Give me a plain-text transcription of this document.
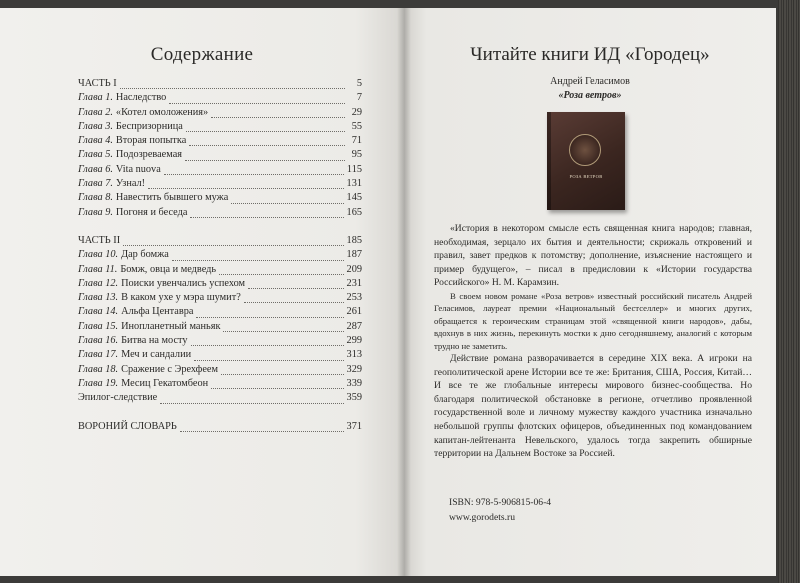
Содержание
ЧАСТЬ I	5
Глава 1. Наследство	7
Глава 2. «Котел омоложения»	29
Глава 3. Беспризорница	55
Глава 4. Вторая попытка	71
Глава 5. Подозреваемая	95
Глава 6. Vita nuova	115
Глава 7. Узнал!	131
Глава 8. Навестить бывшего мужа	145
Глава 9. Погоня и беседа	165
ЧАСТЬ II	185
Глава 10. Дар бомжа	187
Глава 11. Бомж, овца и медведь	209
Глава 12. Поиски увенчались успехом	231
Глава 13. В каком ухе у мэра шумит?	253
Глава 14. Альфа Центавра	261
Глава 15. Инопланетный маньяк	287
Глава 16. Битва на мосту	299
Глава 17. Меч и сандалии	313
Глава 18. Сражение с Эрехфеем	329
Глава 19. Месиц Гекатомбеон	339
Эпилог-следствие	359
ВОРОНИЙ СЛОВАРЬ	371
Читайте книги ИД «Городец»
Андрей Геласимов
«Роза ветров»
РОЗА ВЕТРОВ

«История в некотором смысле есть священная книга народов; главная, необходимая, зерцало их бытия и деятельности; скрижаль откровений и правил, завет предков к потомству; дополнение, изъяснение настоящего и пример будущего», – писал в предисловии к «Истории государства Российского» Н. М. Карамзин.

В своем новом романе «Роза ветров» известный российский писатель Андрей Геласимов, лауреат премии «Национальный бестселлер» и многих других, обращается к героическим страницам этой «священной книги народов», дабы, вдохнув в них жизнь, перекинуть мостки к дню сегодняшнему, аналогий с которым трудно не заметить.

Действие романа разворачивается в середине XIX века. А игроки на геополитической арене Истории все те же: Британия, США, Россия, Китай… И все те же глобальные интересы мирового бизнес-сообщества. Но благодаря политической обстановке в регионе, отчетливо проявленной государственной воле и личному мужеству каждого участника изначально небольшой группы флотских офицеров, объединенных под командованием капитан-лейтенанта Невельского, удалось тогда закрепить обширные территории на Дальнем Востоке за Россией.

ISBN: 978-5-906815-06-4
www.gorodets.ru
